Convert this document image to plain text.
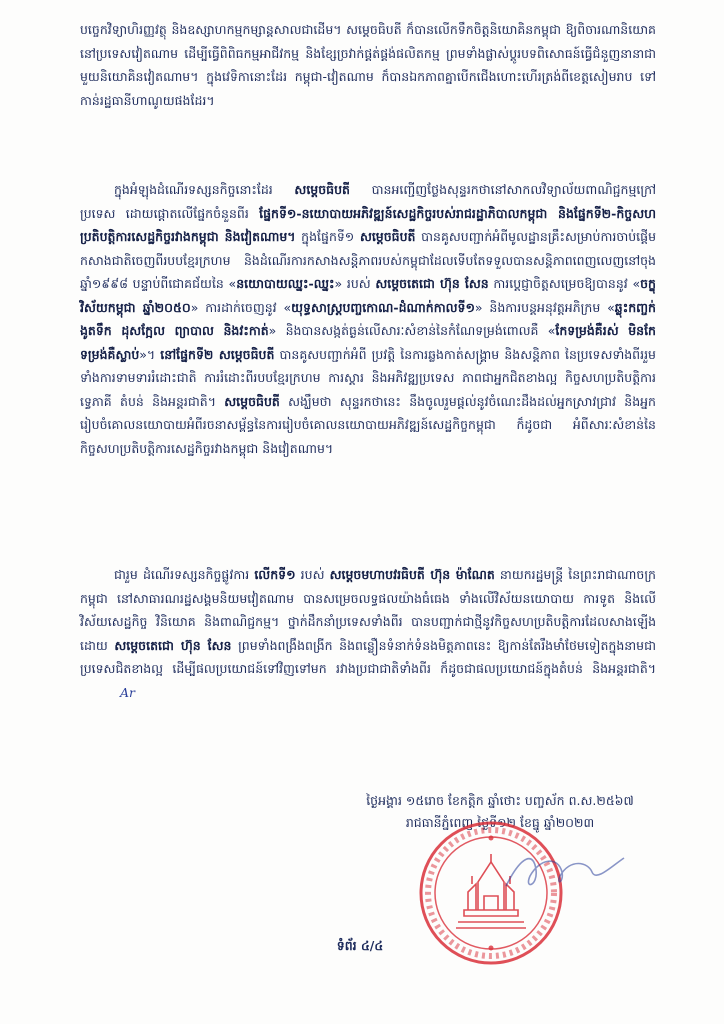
បច្ចេកវិទ្យាហិរញ្ញវត្ថុ និងឧស្សាហកម្មកម្សាន្តសាលជាដើម។ សម្តេចធិបតី ក៏បានលើកទឹកចិត្តនិយោគិនកម្ពុជា ឱ្យពិចារណានិយោគនៅប្រទេសវៀតណាម ដើម្បីធ្វើពិពិធកម្មអាជីវកម្ម និងខ្សែច្រវាក់ផ្គត់ផ្គង់ផលិតកម្ម ព្រមទាំងផ្លាស់ប្តូរបទពិសោធន៍ធ្វើជំនួញនានាជាមួយនិយោគិនវៀតណាម។ ក្នុងវេទិកានោះដែរ កម្ពុជា-វៀតណាម ក៏បានឯកភាពគ្នាបើកជើងហោះហើរត្រង់ពីខេត្តសៀមរាប ទៅកាន់រដ្ឋធានីហាណូយផងដែរ។

ក្នុងអំឡុងដំណើរទស្សនកិច្ចនោះដែរ សម្តេចធិបតី បានអញ្ជើញថ្លែងសុន្ទរកថានៅសាកលវិទ្យាល័យពាណិជ្ជកម្មក្រៅប្រទេស ដោយផ្ដោតលើផ្នែកចំនួនពីរ ផ្នែកទី១-នយោបាយអភិវឌ្ឍន៍សេដ្ឋកិច្ចរបស់រាជរដ្ឋាភិបាលកម្ពុជា និងផ្នែកទី២-កិច្ចសហប្រតិបត្តិការសេដ្ឋកិច្ចរវាងកម្ពុជា និងវៀតណាម។ ក្នុងផ្នែកទី១ សម្តេចធិបតី បានគូសបញ្ជាក់អំពីមូលដ្ឋានគ្រឹះសម្រាប់ការចាប់ផ្ដើមកសាងជាតិចេញពីរបបខ្មែរក្រហម និងដំណើរការកសាងសន្តិភាពរបស់កម្ពុជាដែលទើបតែទទួលបានសន្តិភាពពេញលេញនៅចុងឆ្នាំ១៩៩៨ បន្ទាប់ពីជោគជ័យនៃ «នយោបាយឈ្នះ-ឈ្នះ» របស់ សម្តេចតេជោ ហ៊ុន សែន ការប្តេជ្ញាចិត្តសម្រេចឱ្យបាននូវ «ចក្ខុវិស័យកម្ពុជា ឆ្នាំ២០៥០» ការដាក់ចេញនូវ «យុទ្ធសាស្ត្របញ្ចកោណ-ដំណាក់កាលទី១» និងការបន្តអនុវត្តអភិក្រម «ឆ្លុះកញ្ចក់ ងូតទឹក ដុសក្អែល ព្យាបាល និងវះកាត់» និងបានសង្កត់ធ្ងន់លើសារៈសំខាន់នៃកំណែទម្រង់ពោលគឺ «កែទម្រង់គឺរស់ មិនកែទម្រង់គឺស្លាប់»។ នៅផ្នែកទី២ សម្តេចធិបតី បានគូសបញ្ជាក់អំពី ប្រវត្តិ នៃការឆ្លងកាត់សង្គ្រាម និងសន្តិភាព នៃប្រទេសទាំងពីររួមទាំងការទាមទាររំដោះជាតិ ការរំដោះពីរបបខ្មែរក្រហម ការស្តារ និងអភិវឌ្ឍប្រទេស ភាពជាអ្នកជិតខាងល្អ កិច្ចសហប្រតិបត្តិការទ្វេភាគី តំបន់ និងអន្តរជាតិ។ សម្តេចធិបតី សង្ឃឹមថា សុន្ទរកថានេះ នឹងចូលរួមផ្តល់នូវចំណេះដឹងដល់អ្នកស្រាវជ្រាវ និងអ្នករៀបចំគោលនយោបាយអំពីរចនាសម្ព័ន្ធនៃការរៀបចំគោលនយោបាយអភិវឌ្ឍន៍សេដ្ឋកិច្ចកម្ពុជា ក៏ដូចជា អំពីសារៈសំខាន់នៃកិច្ចសហប្រតិបត្តិការសេដ្ឋកិច្ចរវាងកម្ពុជា និងវៀតណាម។

ជារួម ដំណើរទស្សនកិច្ចផ្លូវការ លើកទី១ របស់ សម្តេចមហាបវរធិបតី ហ៊ុន ម៉ាណែត នាយករដ្ឋមន្ត្រី នៃព្រះរាជាណាចក្រកម្ពុជា នៅសាធារណរដ្ឋសង្គមនិយមវៀតណាម បានសម្រេចលទ្ធផលយ៉ាងធំធេង ទាំងលើវិស័យនយោបាយ ការទូត និងលើវិស័យសេដ្ឋកិច្ច វិនិយោគ និងពាណិជ្ជកម្ម។ ថ្នាក់ដឹកនាំប្រទេសទាំងពីរ បានបញ្ជាក់ជាថ្មីនូវកិច្ចសហប្រតិបត្តិការដែលសាងឡើងដោយ សម្តេចតេជោ ហ៊ុន សែន ព្រមទាំងពង្រឹងពង្រីក និងពន្លឿនទំនាក់ទំនងមិត្តភាពនេះ ឱ្យកាន់តែរឹងមាំថែមទៀតក្នុងនាមជាប្រទេសជិតខាងល្អ ដើម្បីផលប្រយោជន៍ទៅវិញទៅមក រវាងប្រជាជាតិទាំងពីរ ក៏ដូចជាផលប្រយោជន៍ក្នុងតំបន់ និងអន្តរជាតិ។Ar

ថ្ងៃអង្គារ ១៥រោច ខែកត្តិក ឆ្នាំថោះ បញ្ចស័ក ព.ស.២៥៦៧
រាជធានីភ្នំពេញ ថ្ងៃទី១២ ខែធ្នូ ឆ្នាំ២០២៣
ទំព័រ ៤/៤
